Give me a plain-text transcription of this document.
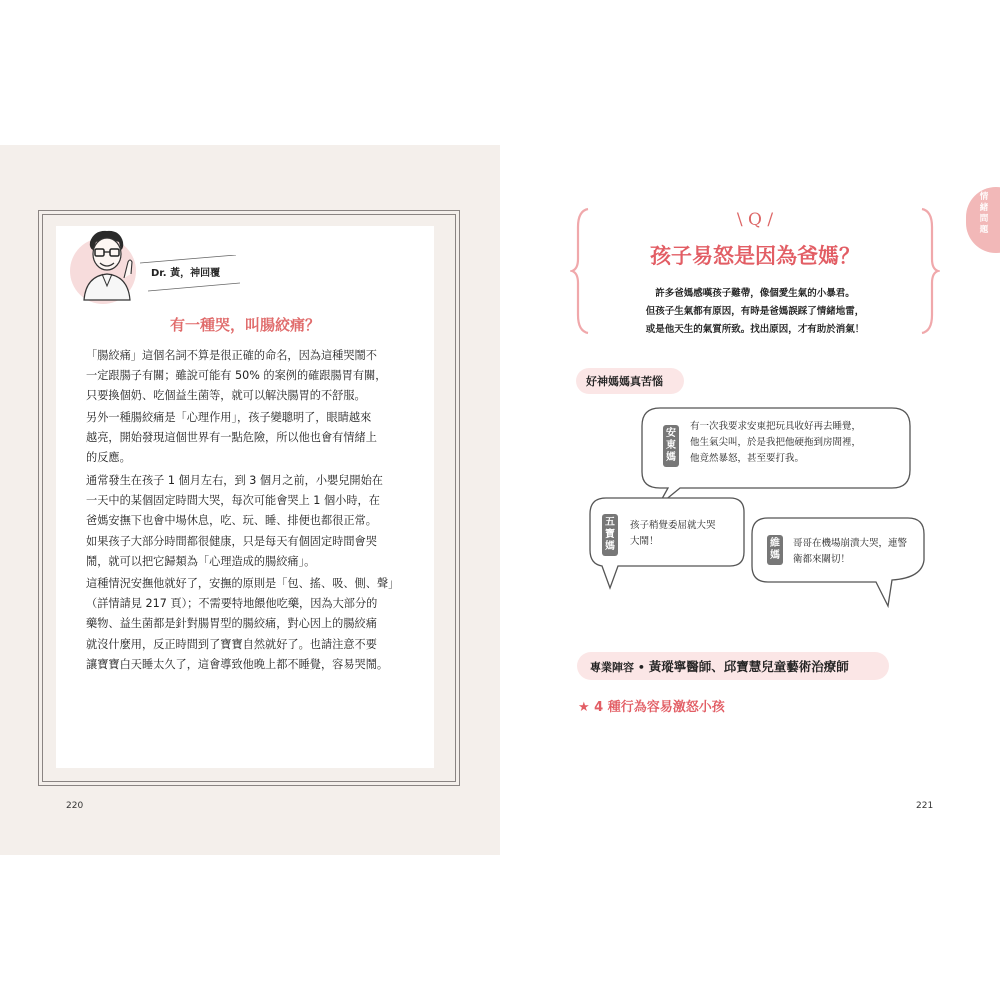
Dr. 黃，神回覆
有一種哭，叫腸絞痛？
「腸絞痛」這個名詞不算是很正確的命名，因為這種哭鬧不
一定跟腸子有關；雖說可能有 50% 的案例的確跟腸胃有關，
只要換個奶、吃個益生菌等，就可以解決腸胃的不舒服。
另外一種腸絞痛是「心理作用」，孩子變聰明了，眼睛越來
越亮，開始發現這個世界有一點危險，所以他也會有情緒上
的反應。
通常發生在孩子 1 個月左右，到 3 個月之前，小嬰兒開始在
一天中的某個固定時間大哭，每次可能會哭上 1 個小時，在
爸媽安撫下也會中場休息，吃、玩、睡、排便也都很正常。
如果孩子大部分時間都很健康，只是每天有個固定時間會哭
鬧，就可以把它歸類為「心理造成的腸絞痛」。
這種情況安撫他就好了，安撫的原則是「包、搖、吸、側、聲」
（詳情請見 217 頁）；不需要特地餵他吃藥，因為大部分的
藥物、益生菌都是針對腸胃型的腸絞痛，對心因上的腸絞痛
就沒什麼用，反正時間到了寶寶自然就好了。也請注意不要
讓寶寶白天睡太久了，這會導致他晚上都不睡覺，容易哭鬧。
220
情緒問題
\ Q /
孩子易怒是因為爸媽？
許多爸媽感嘆孩子難帶，像個愛生氣的小暴君。
但孩子生氣都有原因，有時是爸媽誤踩了情緒地雷，
或是他天生的氣質所致。找出原因，才有助於消氣！
好神媽媽真苦惱
安東媽
有一次我要求安東把玩具收好再去睡覺，
他生氣尖叫，於是我把他硬拖到房間裡，
他竟然暴怒，甚至要打我。
五寶媽
孩子稍覺委屈就大哭
大鬧！	維媽
哥哥在機場崩潰大哭，連警
衛都來關切！
專業陣容 • 黃瑽寧醫師、邱寶慧兒童藝術治療師
★ 4 種行為容易激怒小孩
221
